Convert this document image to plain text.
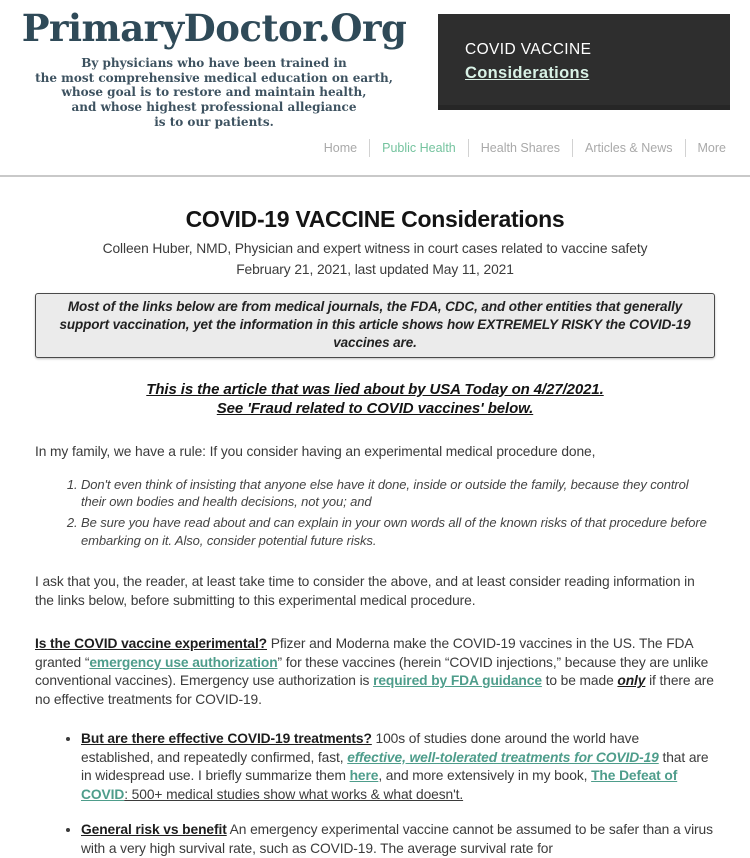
PrimaryDoctor.Org
By physicians who have been trained in
the most comprehensive medical education on earth,
whose goal is to restore and maintain health,
and whose highest professional allegiance
is to our patients.
COVID VACCINE
Considerations
Home Public Health Health Shares Articles & News More
COVID-19 VACCINE Considerations
Colleen Huber, NMD, Physician and expert witness in court cases related to vaccine safety
February 21, 2021, last updated May 11, 2021
Most of the links below are from medical journals, the FDA, CDC, and other entities that generally support vaccination, yet the information in this article shows how EXTREMELY RISKY the COVID-19 vaccines are.
This is the article that was lied about by USA Today on 4/27/2021.
See 'Fraud related to COVID vaccines' below.

In my family, we have a rule: If you consider having an experimental medical procedure done,

1. Don't even think of insisting that anyone else have it done, inside or outside the family, because they control their own bodies and health decisions, not you; and
2. Be sure you have read about and can explain in your own words all of the known risks of that procedure before embarking on it. Also, consider potential future risks.

I ask that you, the reader, at least take time to consider the above, and at least consider reading information in the links below, before submitting to this experimental medical procedure.

Is the COVID vaccine experimental? Pfizer and Moderna make the COVID-19 vaccines in the US. The FDA granted “emergency use authorization” for these vaccines (herein “COVID injections,” because they are unlike conventional vaccines). Emergency use authorization is required by FDA guidance to be made only if there are no effective treatments for COVID-19.

• But are there effective COVID-19 treatments? 100s of studies done around the world have established, and repeatedly confirmed, fast, effective, well-tolerated treatments for COVID-19 that are in widespread use. I briefly summarize them here, and more extensively in my book, The Defeat of COVID: 500+ medical studies show what works & what doesn't.
• General risk vs benefit An emergency experimental vaccine cannot be assumed to be safer than a virus with a very high survival rate, such as COVID-19. The average survival rate for
